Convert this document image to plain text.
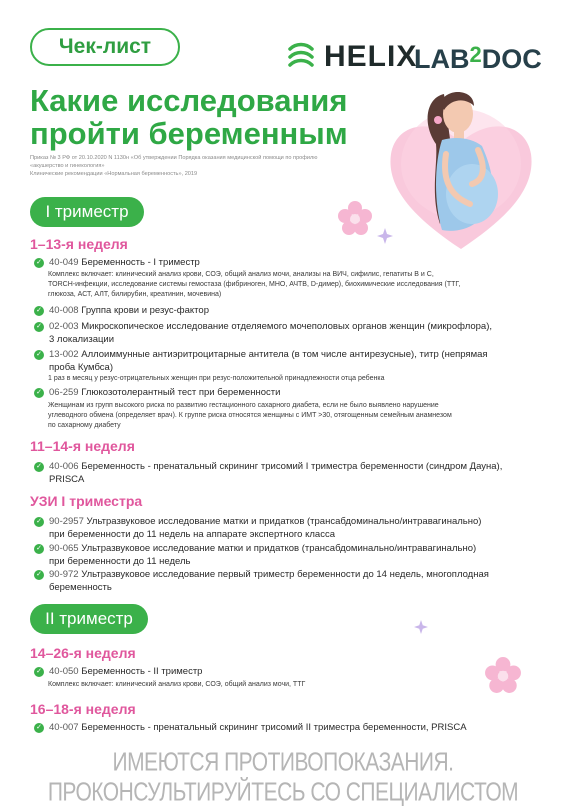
Чек-лист	HELIX
LAB$^2$DOC
Какие исследования
пройти беременным
Приказ № 3 РФ от 20.10.2020 N 1130н «Об утверждении Порядка оказания медицинской помощи по профилю
«акушерство и гинекология»
Клинические рекомендации «Нормальная беременность», 2019
I триместр
1–13-я неделя
✓ 40-049 Беременность - I триместр
Комплекс включает: клинический анализ крови, СОЭ, общий анализ мочи, анализы на ВИЧ, сифилис, гепатиты В и С,
TORCH-инфекции, исследование системы гемостаза (фибриноген, МНО, АЧТВ, D-димер), биохимические исследования (ТТГ,
глюкоза, АСТ, АЛТ, билирубин, креатинин, мочевина)
✓ 40-008 Группа крови и резус-фактор
✓ 02-003 Микроскопическое исследование отделяемого мочеполовых органов женщин (микрофлора),
3 локализации
✓ 13-002 Аллоиммунные антиэритроцитарные антитела (в том числе антирезусные), титр (непрямая
проба Кумбса)
1 раз в месяц у резус-отрицательных женщин при резус-положительной принадлежности отца ребенка
✓ 06-259 Глюкозотолерантный тест при беременности
Женщинам из групп высокого риска по развитию гестационного сахарного диабета, если не было выявлено нарушение
углеводного обмена (определяет врач). К группе риска относятся женщины с ИМТ >30, отягощенным семейным анамнезом
по сахарному диабету
11–14-я неделя
✓ 40-006 Беременность - пренатальный скрининг трисомий I триместра беременности (синдром Дауна),
PRISCA
УЗИ I триместра
✓ 90-2957 Ультразвуковое исследование матки и придатков (трансабдоминально/интравагинально)
при беременности до 11 недель на аппарате экспертного класса
✓ 90-065 Ультразвуковое исследование матки и придатков (трансабдоминально/интравагинально)
при беременности до 11 недель
✓ 90-972 Ультразвуковое исследование первый триместр беременности до 14 недель, многоплодная
беременность
II триместр
14–26-я неделя
✓ 40-050 Беременность - II триместр
Комплекс включает: клинический анализ крови, СОЭ, общий анализ мочи, ТТГ
16–18-я неделя
✓ 40-007 Беременность - пренатальный скрининг трисомий II триместра беременности, PRISCA
ИМЕЮТСЯ ПРОТИВОПОКАЗАНИЯ. ПРОКОНСУЛЬТИРУЙТЕСЬ СО СПЕЦИАЛИСТОМ
